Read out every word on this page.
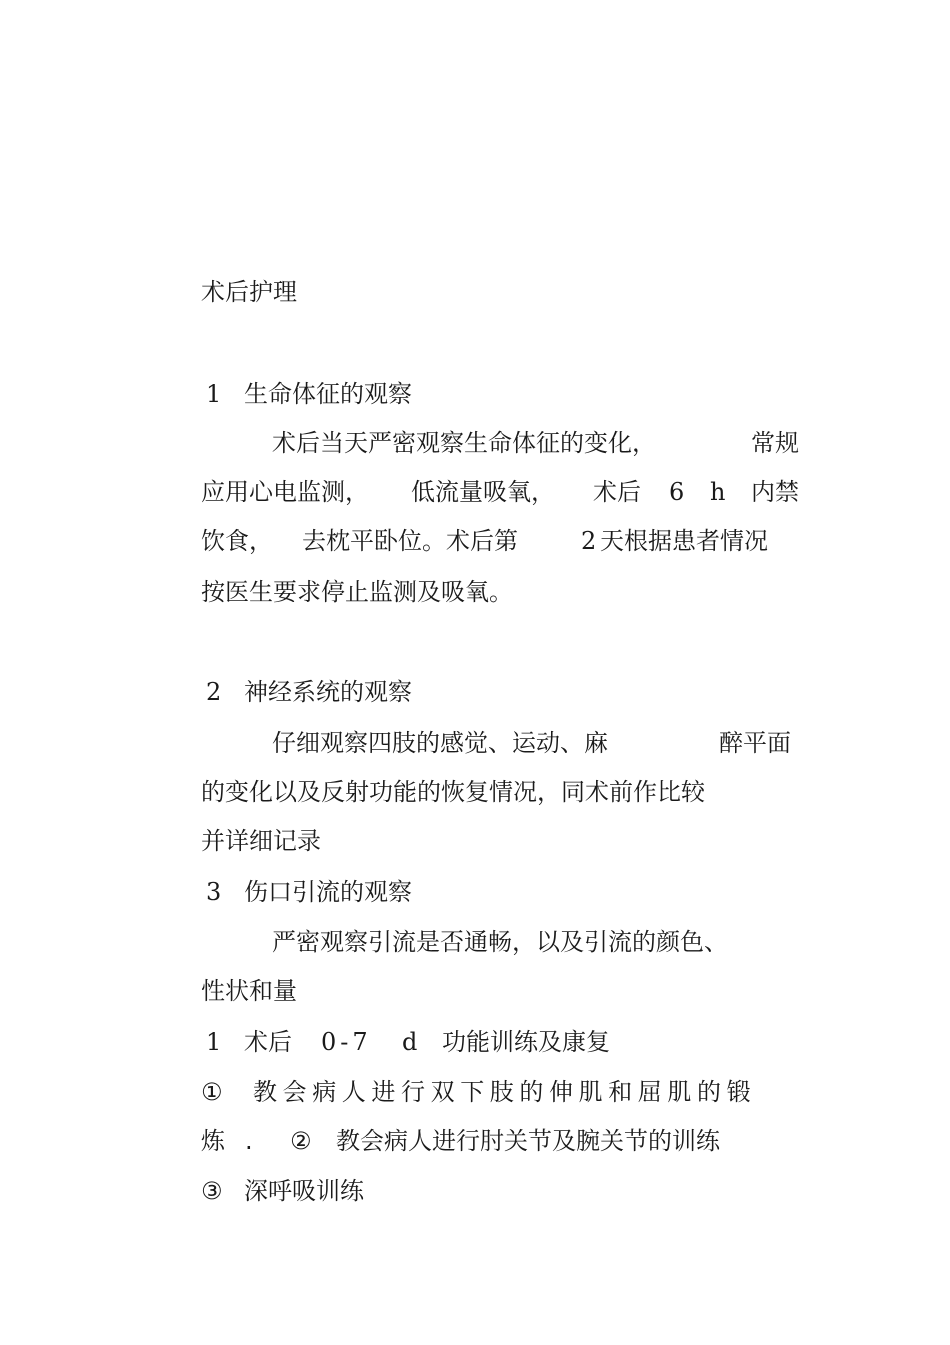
术后护理
1 生命体征的观察
术后当天严密观察生命体征的变化，	常规
应用心电监测， 低流量吸氧， 术后 6 h 内禁
饮食， 去枕平卧位。术后第	2 天根据患者情况
按医生要求停止监测及吸氧。
2 神经系统的观察
仔细观察四肢的感觉、运动、麻	醉平面
的变化以及反射功能的恢复情况，同术前作比较
并详细记录
3 伤口引流的观察
严密观察引流是否通畅，以及引流的颜色、
性状和量
1 术后 0-7 d 功能训练及康复
① 教会病人进行双下肢的伸肌和屈肌的锻
炼 . ② 教会病人进行肘关节及腕关节的训练
③ 深呼吸训练
